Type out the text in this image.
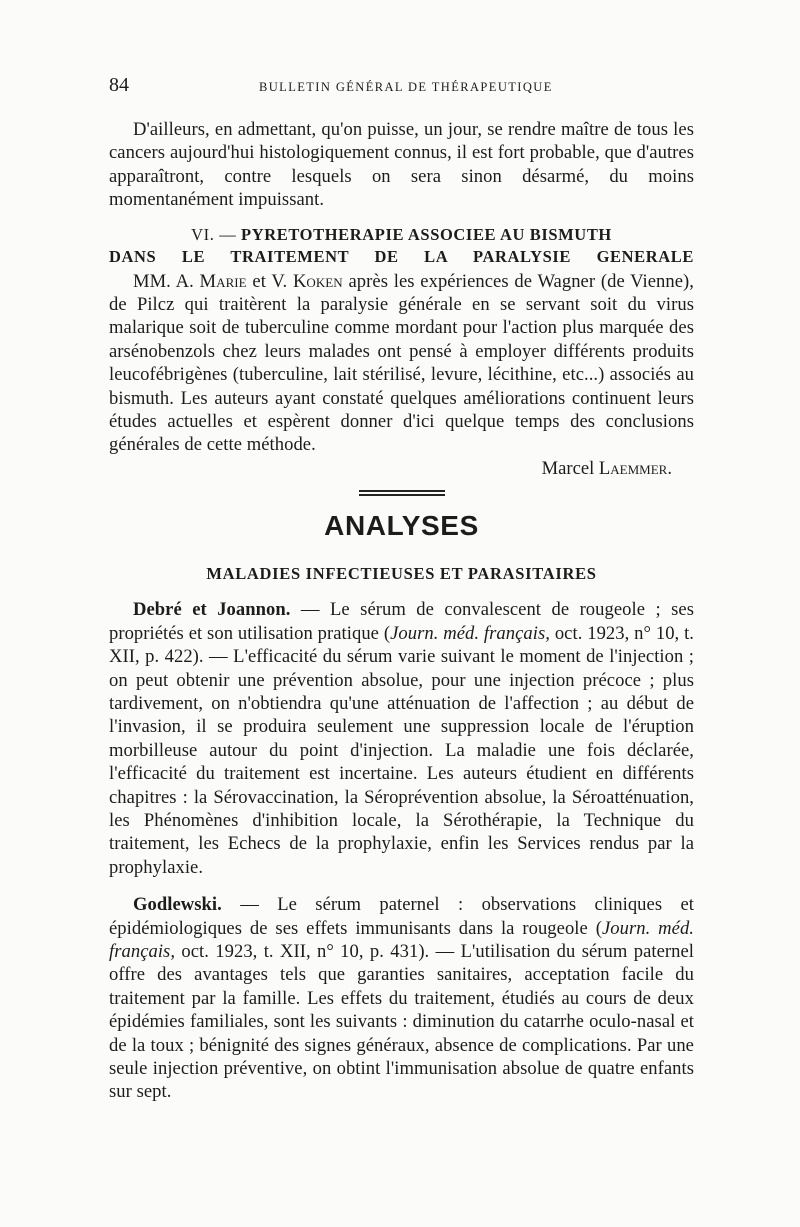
84	BULLETIN GÉNÉRAL DE THÉRAPEUTIQUE

D'ailleurs, en admettant, qu'on puisse, un jour, se rendre maître de tous les cancers aujourd'hui histologiquement connus, il est fort probable, que d'autres apparaîtront, contre lesquels on sera sinon désarmé, du moins momentanément impuissant.

VI. — PYRETOTHERAPIE ASSOCIEE AU BISMUTH
DANS LE TRAITEMENT DE LA PARALYSIE GENERALE

MM. A. Marie et V. Koken après les expériences de Wagner (de Vienne), de Pilcz qui traitèrent la paralysie générale en se servant soit du virus malarique soit de tuberculine comme mordant pour l'action plus marquée des arsénobenzols chez leurs malades ont pensé à employer différents produits leucofébrigènes (tuberculine, lait stérilisé, levure, lécithine, etc...) associés au bismuth. Les auteurs ayant constaté quelques améliorations continuent leurs études actuelles et espèrent donner d'ici quelque temps des conclusions générales de cette méthode.

Marcel Laemmer.
ANALYSES
MALADIES INFECTIEUSES ET PARASITAIRES

Debré et Joannon. — Le sérum de convalescent de rougeole ; ses propriétés et son utilisation pratique (Journ. méd. français, oct. 1923, n° 10, t. XII, p. 422). — L'efficacité du sérum varie suivant le moment de l'injection ; on peut obtenir une prévention absolue, pour une injection précoce ; plus tardivement, on n'obtiendra qu'une atténuation de l'affection ; au début de l'invasion, il se produira seulement une suppression locale de l'éruption morbilleuse autour du point d'injection. La maladie une fois déclarée, l'efficacité du traitement est incertaine. Les auteurs étudient en différents chapitres : la Sérovaccination, la Séroprévention absolue, la Séroatténuation, les Phénomènes d'inhibition locale, la Sérothérapie, la Technique du traitement, les Echecs de la prophylaxie, enfin les Services rendus par la prophylaxie.

Godlewski. — Le sérum paternel : observations cliniques et épidémiologiques de ses effets immunisants dans la rougeole (Journ. méd. français, oct. 1923, t. XII, n° 10, p. 431). — L'utilisation du sérum paternel offre des avantages tels que garanties sanitaires, acceptation facile du traitement par la famille. Les effets du traitement, étudiés au cours de deux épidémies familiales, sont les suivants : diminution du catarrhe oculo-nasal et de la toux ; bénignité des signes généraux, absence de complications. Par une seule injection préventive, on obtint l'immunisation absolue de quatre enfants sur sept.
